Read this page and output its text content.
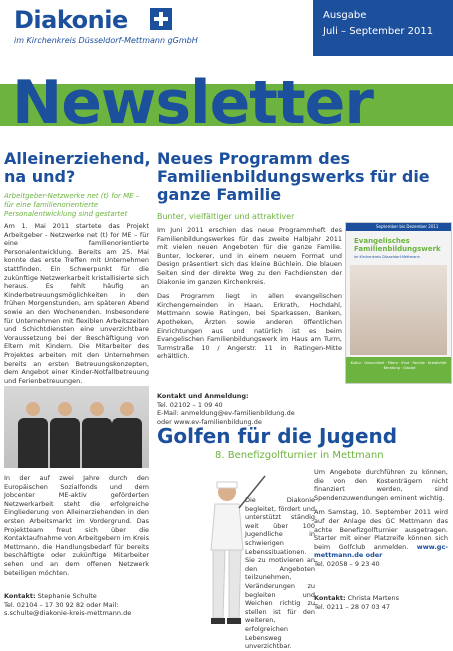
Diakonie
im Kirchenkreis Düsseldorf-Mettmann gGmbH
Ausgabe
Juli – September 2011
Newsletter
Alleinerziehend, na und?
Arbeitgeber-Netzwerke net (t) for ME – für eine familienorientierte Personalentwicklung sind gestartet
Am 1. Mai 2011 startete das Projekt Arbeitgeber - Netzwerke net (t) for ME – für eine familienorientierte Personalentwicklung. Bereits am 25. Mai konnte das erste Treffen mit Unternehmen stattfinden. Ein Schwerpunkt für die zukünftige Netzwerkarbeit kristallisierte sich heraus. Es fehlt häufig an Kinderbetreuungsmöglichkeiten in den frühen Morgenstunden, am späteren Abend sowie an den Wochenenden. Insbesondere für Unternehmen mit flexiblen Arbeitszeiten und Schichtdiensten eine unverzichtbare Voraussetzung bei der Beschäftigung von Eltern mit Kindern. Die Mitarbeiter des Projektes arbeiten mit den Unternehmen bereits an ersten Betreuungskonzepten, dem Angebot einer Kinder-Notfallbetreuung und Ferienbetreuungen.
In der auf zwei Jahre durch den Europäischen Sozialfonds und dem Jobcenter ME-aktiv geförderten Netzwerkarbeit steht die erfolgreiche Eingliederung von Alleinerziehenden in den ersten Arbeitsmarkt im Vordergrund. Das Projektteam freut sich über die Kontaktaufnahme von Arbeitgebern im Kreis Mettmann, die Handlungsbedarf für bereits beschäftigte oder zukünftige Mitarbeiter sehen und an dem offenen Netzwerk beteiligen möchten.
Kontakt: Stephanie Schulte
Tel. 02104 – 17 30 92 82 oder Mail:
s.schulte@diakonie-kreis-mettmann.de
Neues Programm des Familienbildungswerks für die ganze Familie
Bunter, vielfältiger und attraktiver
Im Juni 2011 erschien das neue Programmheft des Familienbildungswerkes für das zweite Halbjahr 2011 mit vielen neuen Angeboten für die ganze Familie. Bunter, lockerer, und in einem neuem Format und Design präsentiert sich das kleine Büchlein. Die blauen Seiten sind der direkte Weg zu den Fachdiensten der Diakonie im ganzen Kirchenkreis.
Das Programm liegt in allen evangelischen Kirchengemeinden in Haan, Erkrath, Hochdahl, Mettmann sowie Ratingen, bei Sparkassen, Banken, Apotheken, Ärzten sowie anderen öffentlichen Einrichtungen aus und natürlich ist es beim Evangelischen Familienbildungswerk im Haus am Turm, Turmstraße 10 / Angerstr. 11 in Ratingen-Mitte erhältlich.
Kontakt und Anmeldung:
Tel. 02102 – 1 09 40
E-Mail: anmeldung@ev-familienbildung.de
oder www.ev-familienbildung.de
September bis Dezember 2011
Evangelisches Familienbildungswerk
im Kirchenkreis Düsseldorf-Mettmann
Kultur · Gesundheit · Eltern · Kind · Familie · Kreativität · Beratung · Glaube
Golfen für die Jugend
8. Benefizgolfturnier in Mettmann
Die Diakonie begleitet, fördert und unterstützt ständig weit über 100 Jugendliche in schwierigen Lebenssituationen. Sie zu motivieren an den Angeboten teilzunehmen, Veränderungen zu begleiten und Weichen richtig zu stellen ist für den weiteren, erfolgreichen Lebensweg unverzichtbar.
Um Angebote durchführen zu können, die von den Kostenträgern nicht finanziert werden, sind Spendenzuwendungen eminent wichtig.
Am Samstag, 10. September 2011 wird auf der Anlage des GC Mettmann das achte Benefizgolfturnier ausgetragen. Starter mit einer Platzreife können sich beim Golfclub anmelden. www.gc-mettmann.de oder
Tel. 02058 – 9 23 40
Kontakt: Christa Martens
Tel. 0211 – 28 07 03 47
